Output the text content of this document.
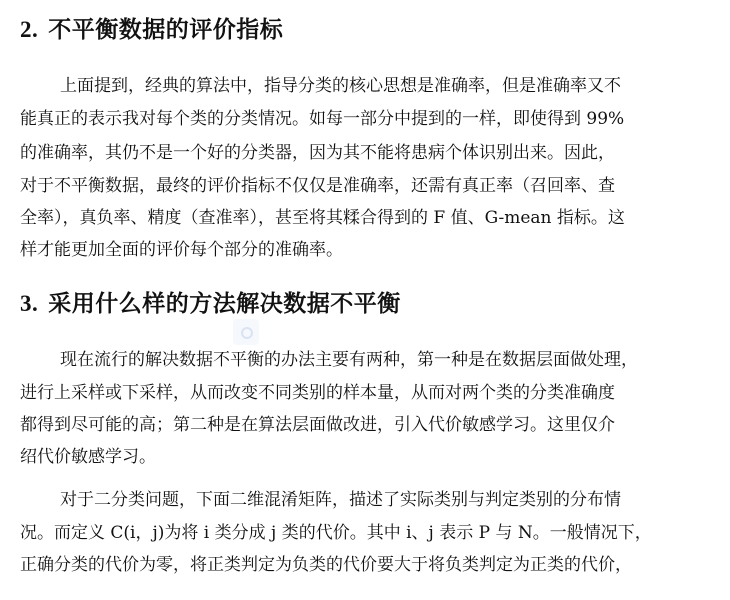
2. 不平衡数据的评价指标

上面提到，经典的算法中，指导分类的核心思想是准确率，但是准确率又不

能真正的表示我对每个类的分类情况。如每一部分中提到的一样，即使得到 99%

的准确率，其仍不是一个好的分类器，因为其不能将患病个体识别出来。因此，

对于不平衡数据，最终的评价指标不仅仅是准确率，还需有真正率（召回率、查

全率），真负率、精度（查准率），甚至将其糅合得到的 F 值、G-mean 指标。这

样才能更加全面的评价每个部分的准确率。

3. 采用什么样的方法解决数据不平衡

现在流行的解决数据不平衡的办法主要有两种，第一种是在数据层面做处理，

进行上采样或下采样，从而改变不同类别的样本量，从而对两个类的分类准确度

都得到尽可能的高；第二种是在算法层面做改进，引入代价敏感学习。这里仅介

绍代价敏感学习。

对于二分类问题，下面二维混淆矩阵，描述了实际类别与判定类别的分布情

况。而定义 C(i，j)为将 i 类分成 j 类的代价。其中 i、j 表示 P 与 N。一般情况下，

正确分类的代价为零，将正类判定为负类的代价要大于将负类判定为正类的代价，
